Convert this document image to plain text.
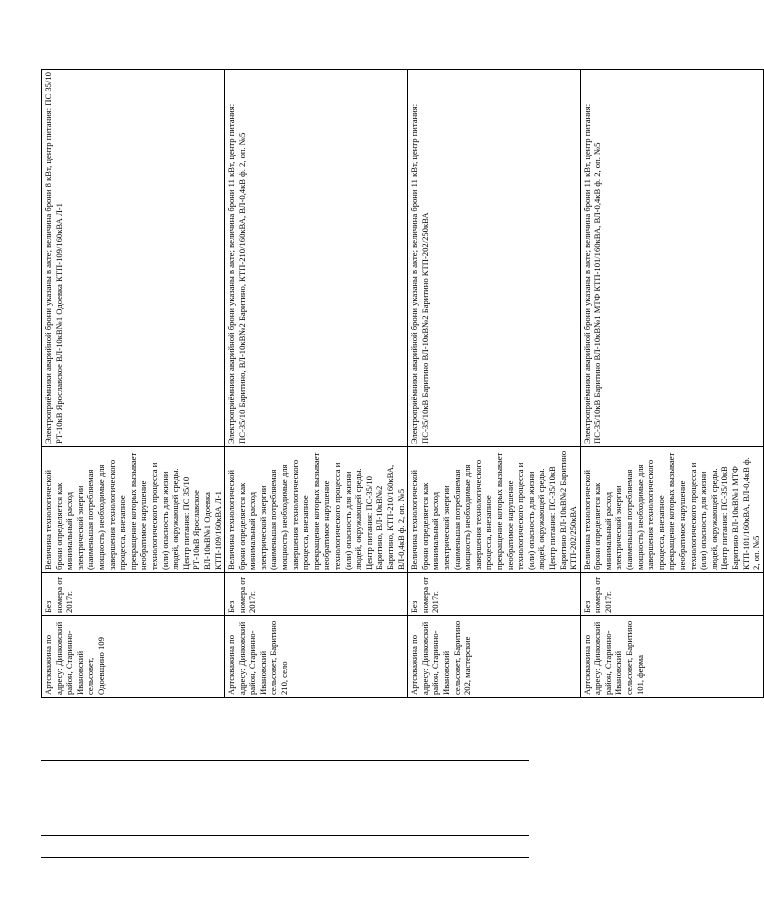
Артскважина по адресу: Динковский район, Старинно-Ивановский сельсовет, Одоевщино 109	Без номера от 2017г.	Величина технологической брони определяется как минимальный расход электрической энергии (наименьшая потребляемая мощность) необходимые для завершения технологического процесса, внезапное прекращение которых вызывает необратимое нарушение технологического процесса и (или) опасность для жизни людей, окружающей среды. Центр питания: ПС 35/10 РТ-10кВ Ярославское ВЛ-10кВ№1 Одоевка КТП-109/160кВА Л-1	Электроприёмники аварийной брони указаны в акте; величина брони 8 кВт, центр питания: ПС 35/10 РТ-10кВ Ярославское ВЛ-10кВ№1 Одоевка КТП-109/160кВА Л-1
Артскважина по адресу: Динковский район, Старинно-Ивановский сельсовет, Баритино 210, село	Без номера от 2017г.	Величина технологической брони определяется как минимальный расход электрической энергии (наименьшая потребляемая мощность) необходимые для завершения технологического процесса, внезапное прекращение которых вызывает необратимое нарушение технологического процесса и (или) опасность для жизни людей, окружающей среды. Центр питания: ПС-35/10 Баритино, ВЛ-10кВ№2 Баритино, КТП-210/160кВА, ВЛ-0,4кВ ф. 2, оп. №5	Электроприёмники аварийной брони указаны в акте; величина брони 11 кВт, центр питания: ПС-35/10 Баритино, ВЛ-10кВ№2 Баритино, КТП-210/160кВА, ВЛ-0,4кВ ф. 2, оп. №5
Артскважина по адресу: Динковский район, Старинно-Ивановский сельсовет, Баритино 202, мастерские	Без номера от 2017г.	Величина технологической брони определяется как минимальный расход электрической энергии (наименьшая потребляемая мощность) необходимые для завершения технологического процесса, внезапное прекращение которых вызывает необратимое нарушение технологического процесса и (или) опасность для жизни людей, окружающей среды. Центр питания: ПС-35/10кВ Баритино ВЛ-10кВ№2 Баритино КТП-202/250кВА	Электроприёмники аварийной брони указаны в акте; величина брони 11 кВт, центр питания: ПС-35/10кВ Баритино ВЛ-10кВ№2 Баритино КТП-202/250кВА
Артскважина по адресу: Динковский район, Старинно-Ивановский сельсовет, Баритино 101, ферма	Без номера от 2017г.	Величина технологической брони определяется как минимальный расход электрической энергии (наименьшая потребляемая мощность) необходимые для завершения технологического процесса, внезапное прекращение которых вызывает необратимое нарушение технологического процесса и (или) опасность для жизни людей, окружающей среды. Центр питания: ПС-35/10кВ Баритино ВЛ-10кВ№1 МТФ КТП-101/160кВА, ВЛ-0,4кВ ф. 2, оп. №5	Электроприёмники аварийной брони указаны в акте; величина брони 11 кВт, центр питания: ПС-35/10кВ Баритино ВЛ-10кВ№1 МТФ КТП-101/160кВА, ВЛ-0,4кВ ф. 2, оп. №5
